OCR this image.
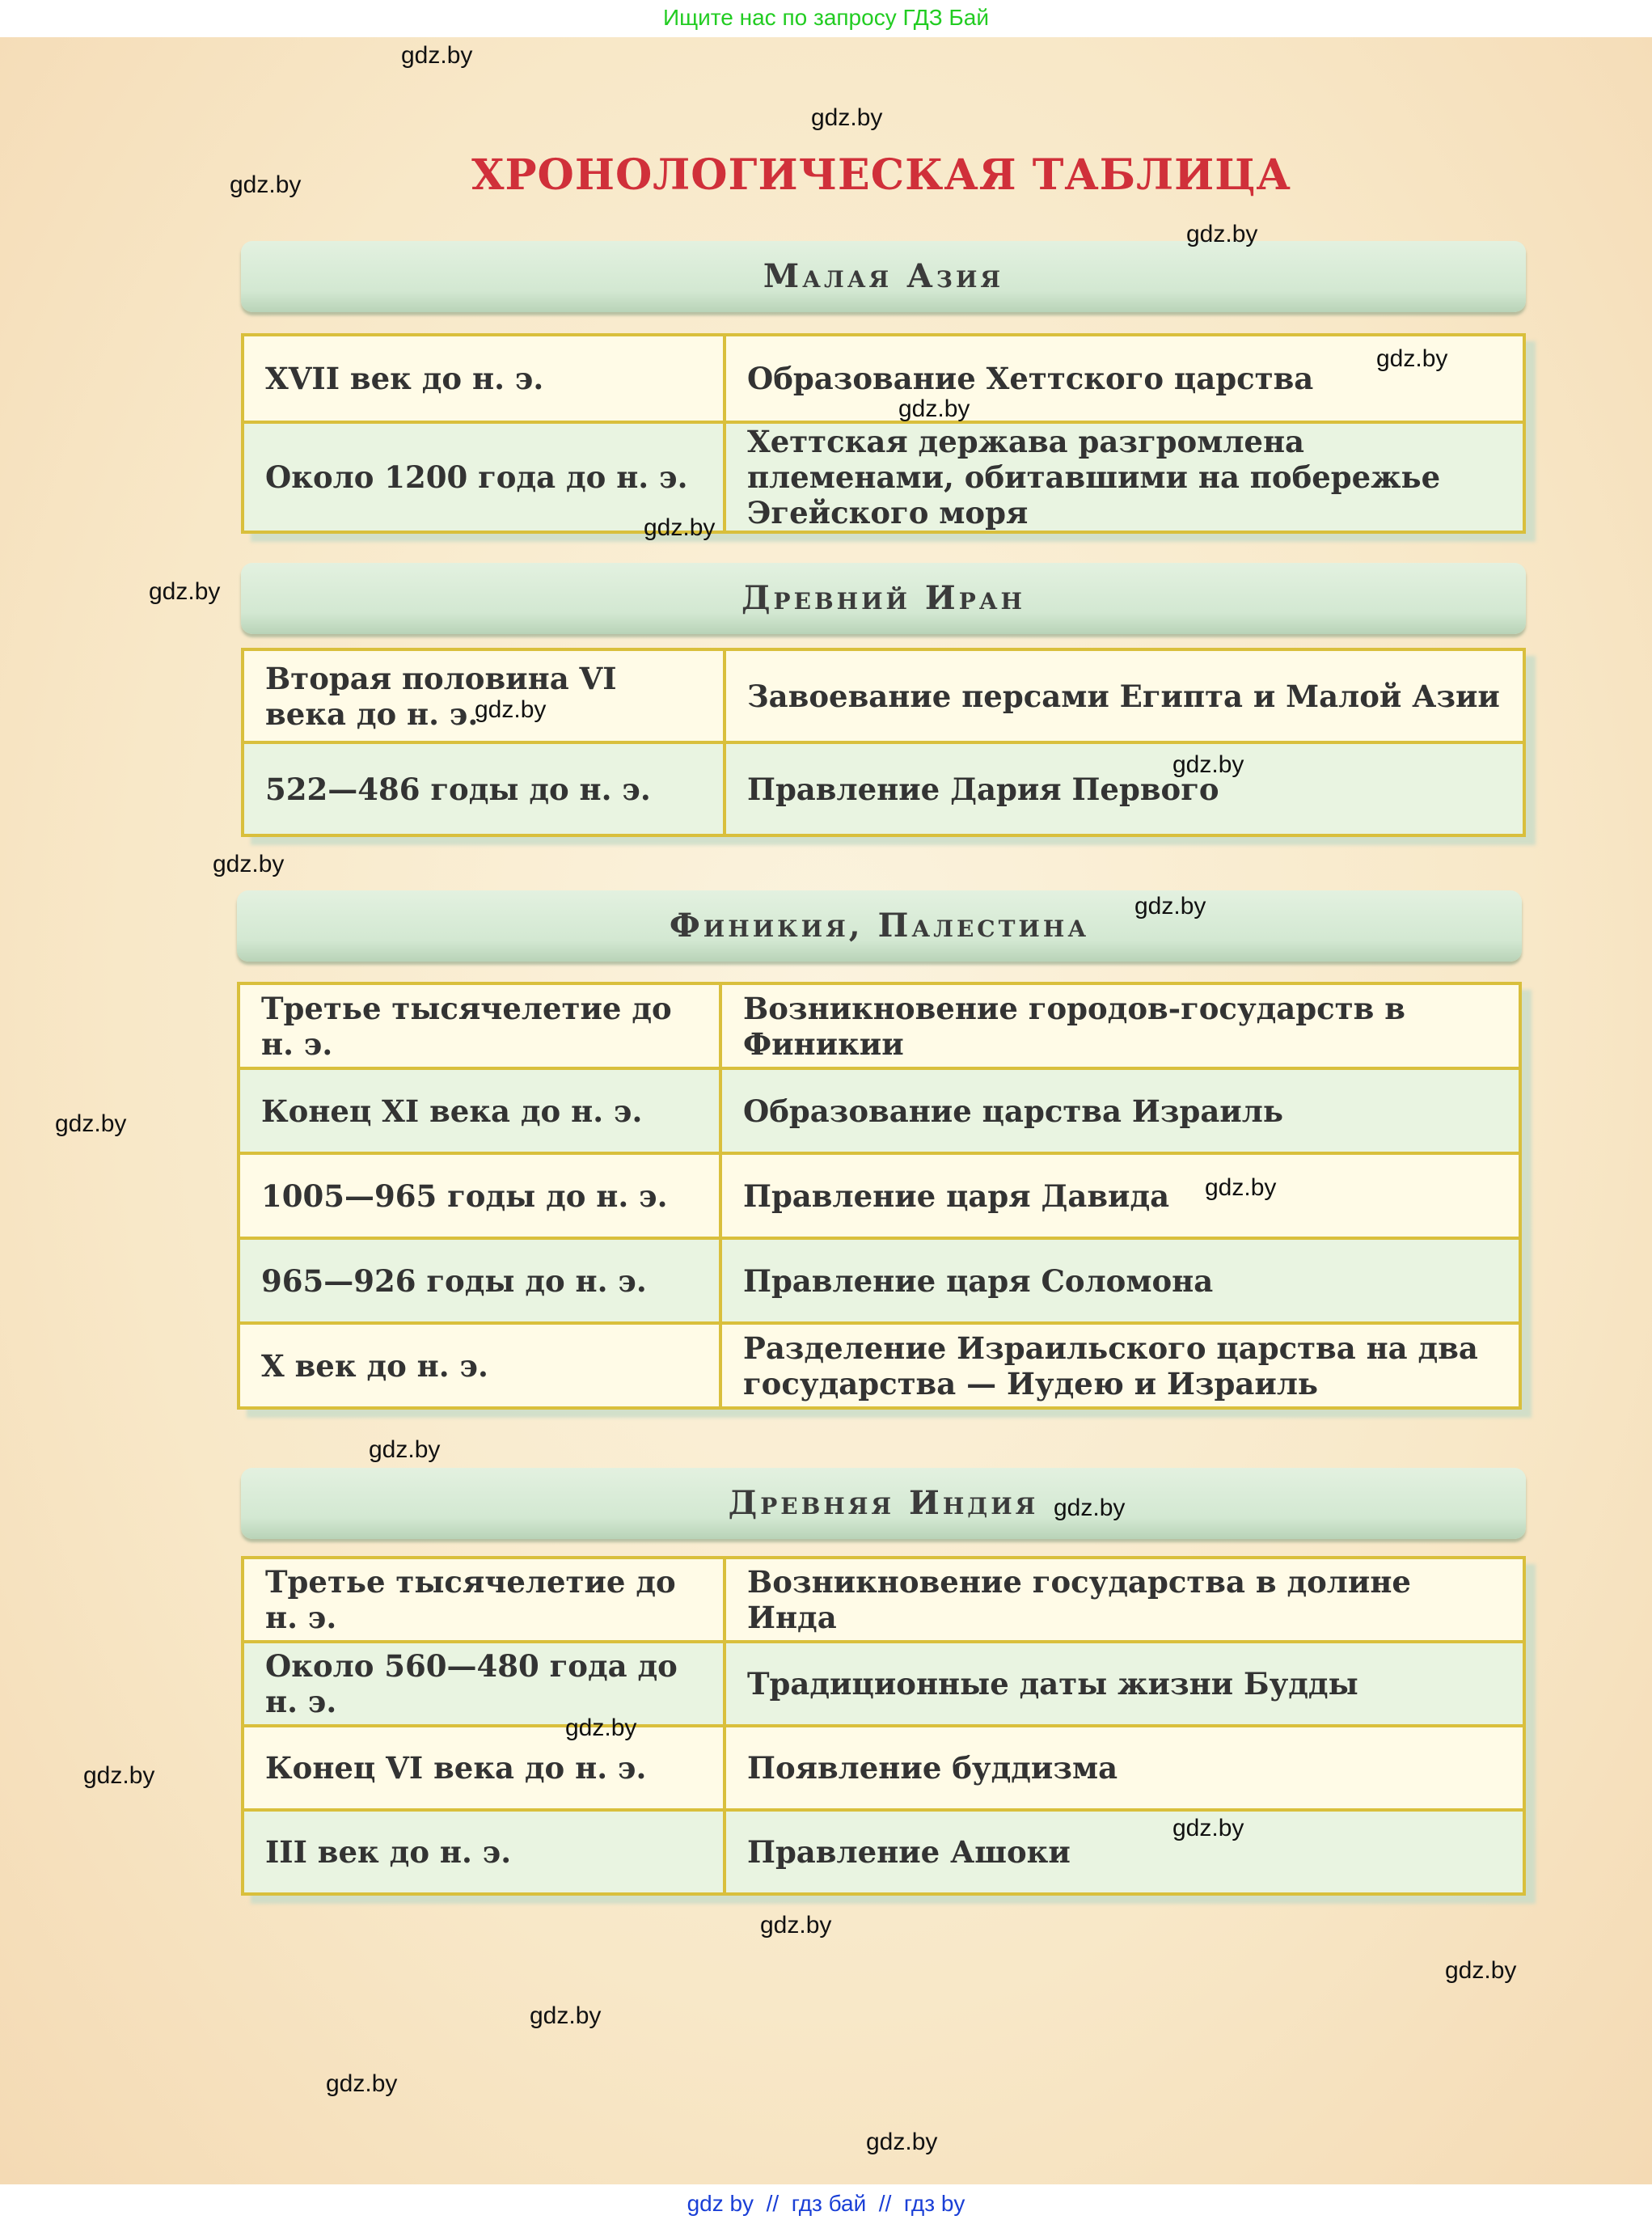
Ищите нас по запросу ГДЗ Бай
ХРОНОЛОГИЧЕСКАЯ ТАБЛИЦА
Малая Азия
XVII век до н. э.	Образование Хеттского царства
Около 1200 года до н. э.	Хеттская держава разгромлена племенами, обитавшими на побережье Эгейского моря
Древний Иран
Вторая половина VI века до н. э.	Завоевание персами Египта и Малой Азии
522—486 годы до н. э.	Правление Дария Первого
Финикия, Палестина
Третье тысячелетие до н. э.	Возникновение городов-государств в Финикии
Конец XI века до н. э.	Образование царства Израиль
1005—965 годы до н. э.	Правление царя Давида
965—926 годы до н. э.	Правление царя Соломона
X век до н. э.	Разделение Израильского царства на два государства — Иудею и Израиль
Древняя Индия
Третье тысячелетие до н. э.	Возникновение государства в долине Инда
Около 560—480 года до н. э.	Традиционные даты жизни Будды
Конец VI века до н. э.	Появление буддизма
III век до н. э.	Правление Ашоки
gdz.by
gdz.by
gdz.by
gdz.by
gdz.by
gdz.by
gdz.by
gdz.by
gdz.by
gdz.by
gdz.by
gdz.by
gdz.by
gdz.by
gdz.by
gdz.by
gdz.by
gdz.by
gdz.by
gdz.by
gdz.by
gdz.by
gdz.by
gdz.by
gdz by  //  гдз бай  //  гдз by
